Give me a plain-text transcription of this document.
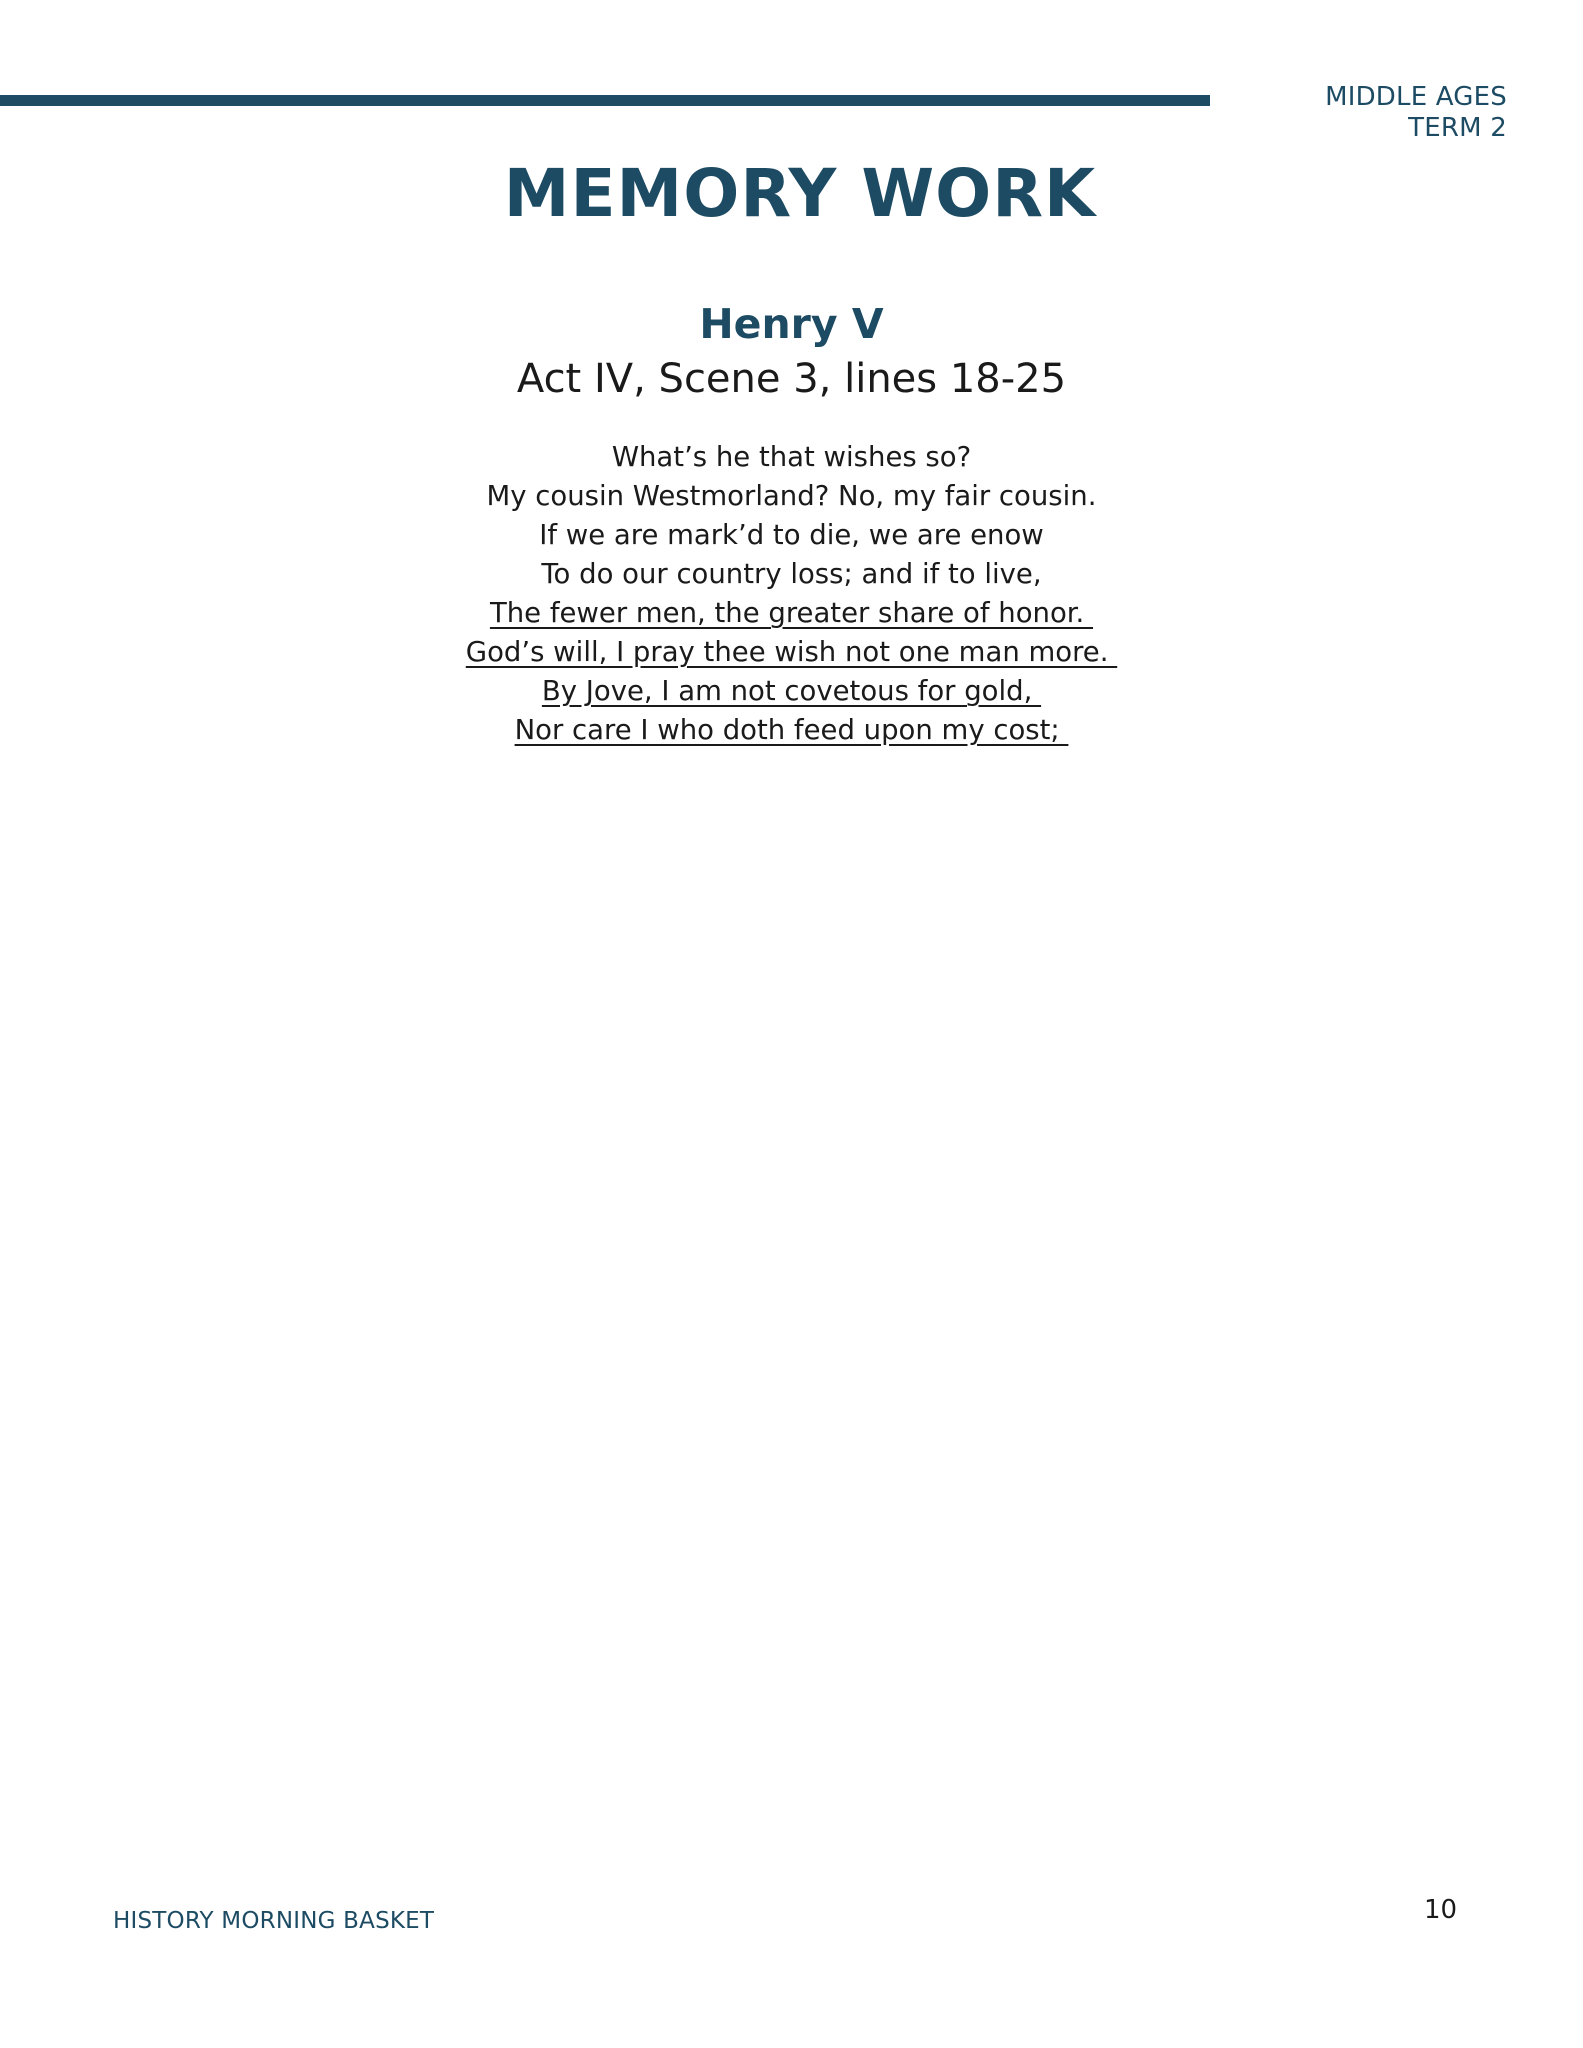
MIDDLE AGES
TERM 2
MEMORY WORK
Henry V
Act IV, Scene 3, lines 18-25
What’s he that wishes so?
My cousin Westmorland? No, my fair cousin.
If we are mark’d to die, we are enow
To do our country loss; and if to live,
The fewer men, the greater share of honor.
God’s will, I pray thee wish not one man more.
By Jove, I am not covetous for gold,
Nor care I who doth feed upon my cost;
HISTORY MORNING BASKET	10
